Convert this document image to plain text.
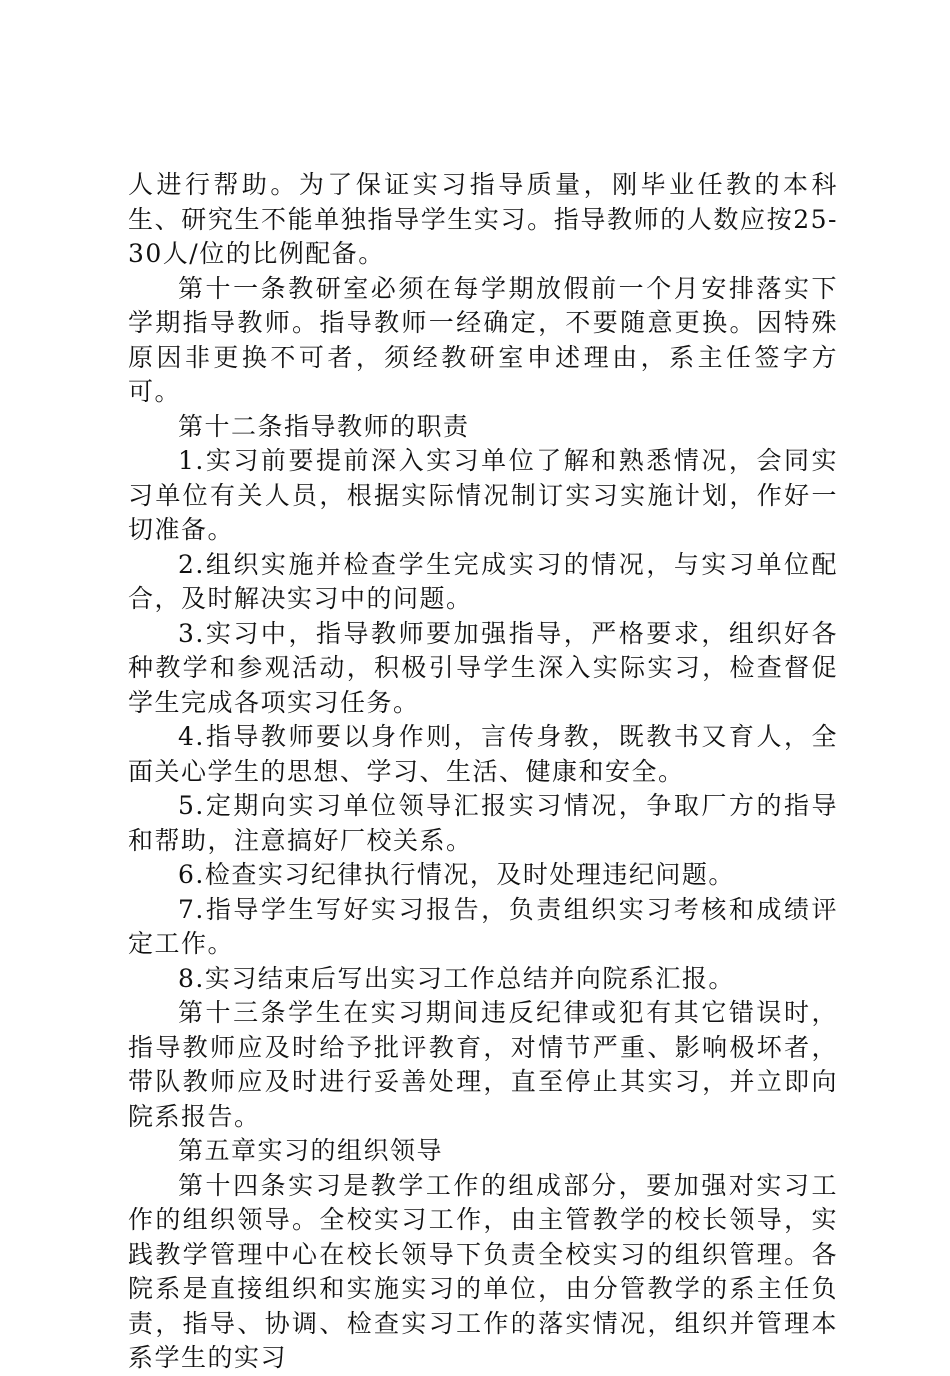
人进行帮助。为了保证实习指导质量，刚毕业任教的本科生、研究生不能单独指导学生实习。指导教师的人数应按25-30人/位的比例配备。

第十一条教研室必须在每学期放假前一个月安排落实下学期指导教师。指导教师一经确定，不要随意更换。因特殊原因非更换不可者，须经教研室申述理由，系主任签字方可。

第十二条指导教师的职责

1.实习前要提前深入实习单位了解和熟悉情况，会同实习单位有关人员，根据实际情况制订实习实施计划，作好一切准备。

2.组织实施并检查学生完成实习的情况，与实习单位配合，及时解决实习中的问题。

3.实习中，指导教师要加强指导，严格要求，组织好各种教学和参观活动，积极引导学生深入实际实习，检查督促学生完成各项实习任务。

4.指导教师要以身作则，言传身教，既教书又育人，全面关心学生的思想、学习、生活、健康和安全。

5.定期向实习单位领导汇报实习情况，争取厂方的指导和帮助，注意搞好厂校关系。

6.检查实习纪律执行情况，及时处理违纪问题。

7.指导学生写好实习报告，负责组织实习考核和成绩评定工作。

8.实习结束后写出实习工作总结并向院系汇报。

第十三条学生在实习期间违反纪律或犯有其它错误时，指导教师应及时给予批评教育，对情节严重、影响极坏者，带队教师应及时进行妥善处理，直至停止其实习，并立即向院系报告。

第五章实习的组织领导

第十四条实习是教学工作的组成部分，要加强对实习工作的组织领导。全校实习工作，由主管教学的校长领导，实践教学管理中心在校长领导下负责全校实习的组织管理。各院系是直接组织和实施实习的单位，由分管教学的系主任负责，指导、协调、检查实习工作的落实情况，组织并管理本系学生的实习
